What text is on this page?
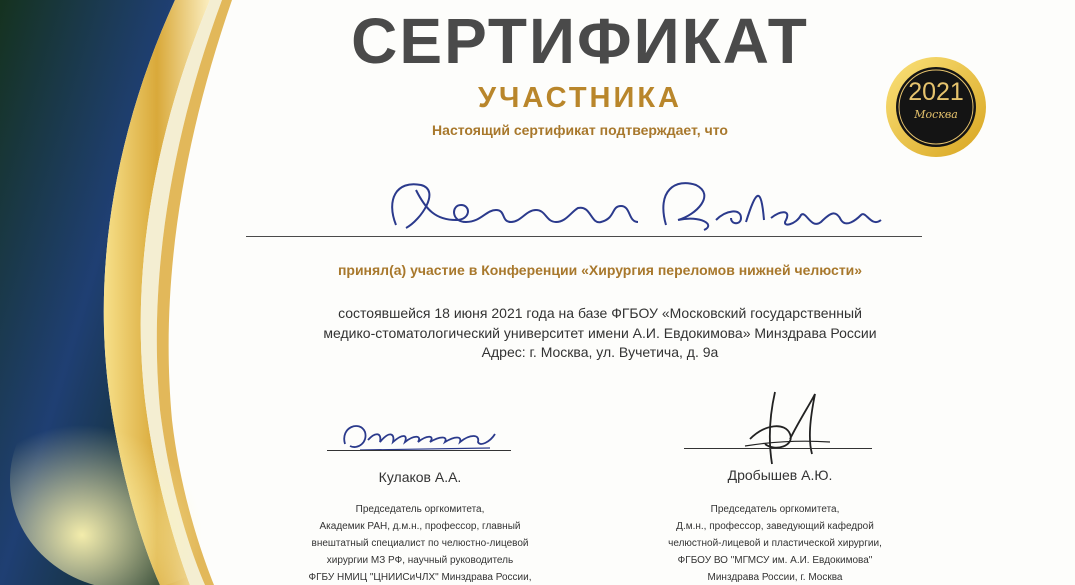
СЕРТИФИКАТ
УЧАСТНИКА
Настоящий сертификат подтверждает, что
2021
Москва
принял(а) участие в Конференции «Хирургия переломов нижней челюсти»
состоявшейся 18 июня 2021 года на базе ФГБОУ «Московский государственный
медико-стоматологический университет имени А.И. Евдокимова» Минздрава России
Адрес: г. Москва, ул. Вучетича, д. 9а
Кулаков А.А.	Дробышев А.Ю.
Председатель оргкомитета,
Академик РАН, д.м.н., профессор, главный
внештатный специалист по челюстно-лицевой
хирургии МЗ РФ, научный руководитель
ФГБУ НМИЦ "ЦНИИСиЧЛХ" Минздрава России,
Председатель оргкомитета,
Д.м.н., профессор, заведующий кафедрой
челюстной-лицевой и пластической хирургии,
ФГБОУ ВО "МГМСУ им. А.И. Евдокимова"
Минздрава России, г. Москва
